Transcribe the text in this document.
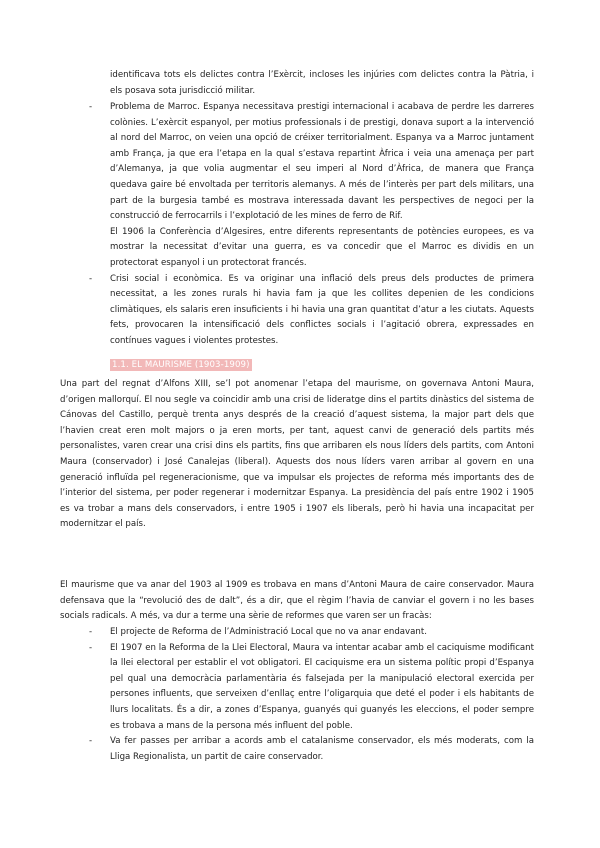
identificava tots els delictes contra l’Exèrcit, incloses les injúries com delictes contra la Pàtria, i els posava sota jurisdicció militar.

- Problema de Marroc. Espanya necessitava prestigi internacional i acabava de perdre les darreres colònies. L’exèrcit espanyol, per motius professionals i de prestigi, donava suport a la intervenció al nord del Marroc, on veien una opció de créixer territorialment. Espanya va a Marroc juntament amb França, ja que era l’etapa en la qual s’estava repartint Àfrica i veia una amenaça per part d’Alemanya, ja que volia augmentar el seu imperi al Nord d’Àfrica, de manera que França quedava gaire bé envoltada per territoris alemanys. A més de l’interès per part dels militars, una part de la burgesia també es mostrava interessada davant les perspectives de negoci per la construcció de ferrocarrils i l’explotació de les mines de ferro de Rif.

El 1906 la Conferència d’Algesires, entre diferents representants de potències europees, es va mostrar la necessitat d’evitar una guerra, es va concedir que el Marroc es dividis en un protectorat espanyol i un protectorat francés.

- Crisi social i econòmica. Es va originar una inflació dels preus dels productes de primera necessitat, a les zones rurals hi havia fam ja que les collites depenien de les condicions climàtiques, els salaris eren insuficients i hi havia una gran quantitat d’atur a les ciutats. Aquests fets, provocaren la intensificació dels conflictes socials i l’agitació obrera, expressades en contínues vagues i violentes protestes.

1.1. EL MAURISME (1903-1909)

Una part del regnat d’Alfons XIII, se’l pot anomenar l’etapa del maurisme, on governava Antoni Maura, d’origen mallorquí. El nou segle va coincidir amb una crisi de lideratge dins el partits dinàstics del sistema de Cánovas del Castillo, perquè trenta anys després de la creació d’aquest sistema, la major part dels que l’havien creat eren molt majors o ja eren morts, per tant, aquest canvi de generació dels partits més personalistes, varen crear una crisi dins els partits, fins que arribaren els nous líders dels partits, com Antoni Maura (conservador) i José Canalejas (liberal). Aquests dos nous líders varen arribar al govern en una generació influïda pel regeneracionisme, que va impulsar els projectes de reforma més importants des de l’interior del sistema, per poder regenerar i modernitzar Espanya. La presidència del país entre 1902 i 1905 es va trobar a mans dels conservadors, i entre 1905 i 1907 els liberals, però hi havia una incapacitat per modernitzar el país.

El maurisme que va anar del 1903 al 1909 es trobava en mans d’Antoni Maura de caire conservador. Maura defensava que la “revolució des de dalt”, és a dir, que el règim l’havia de canviar el govern i no les bases socials radicals. A més, va dur a terme una sèrie de reformes que varen ser un fracàs:

- El projecte de Reforma de l’Administració Local que no va anar endavant.

- El 1907 en la Reforma de la Llei Electoral, Maura va intentar acabar amb el caciquisme modificant la llei electoral per establir el vot obligatori. El caciquisme era un sistema polític propi d’Espanya pel qual una democràcia parlamentària és falsejada per la manipulació electoral exercida per persones influents, que serveixen d’enllaç entre l’oligarquia que deté el poder i els habitants de llurs localitats. És a dir, a zones d’Espanya, guanyés qui guanyés les eleccions, el poder sempre es trobava a mans de la persona més influent del poble.

- Va fer passes per arribar a acords amb el catalanisme conservador, els més moderats, com la Lliga Regionalista, un partit de caire conservador.
